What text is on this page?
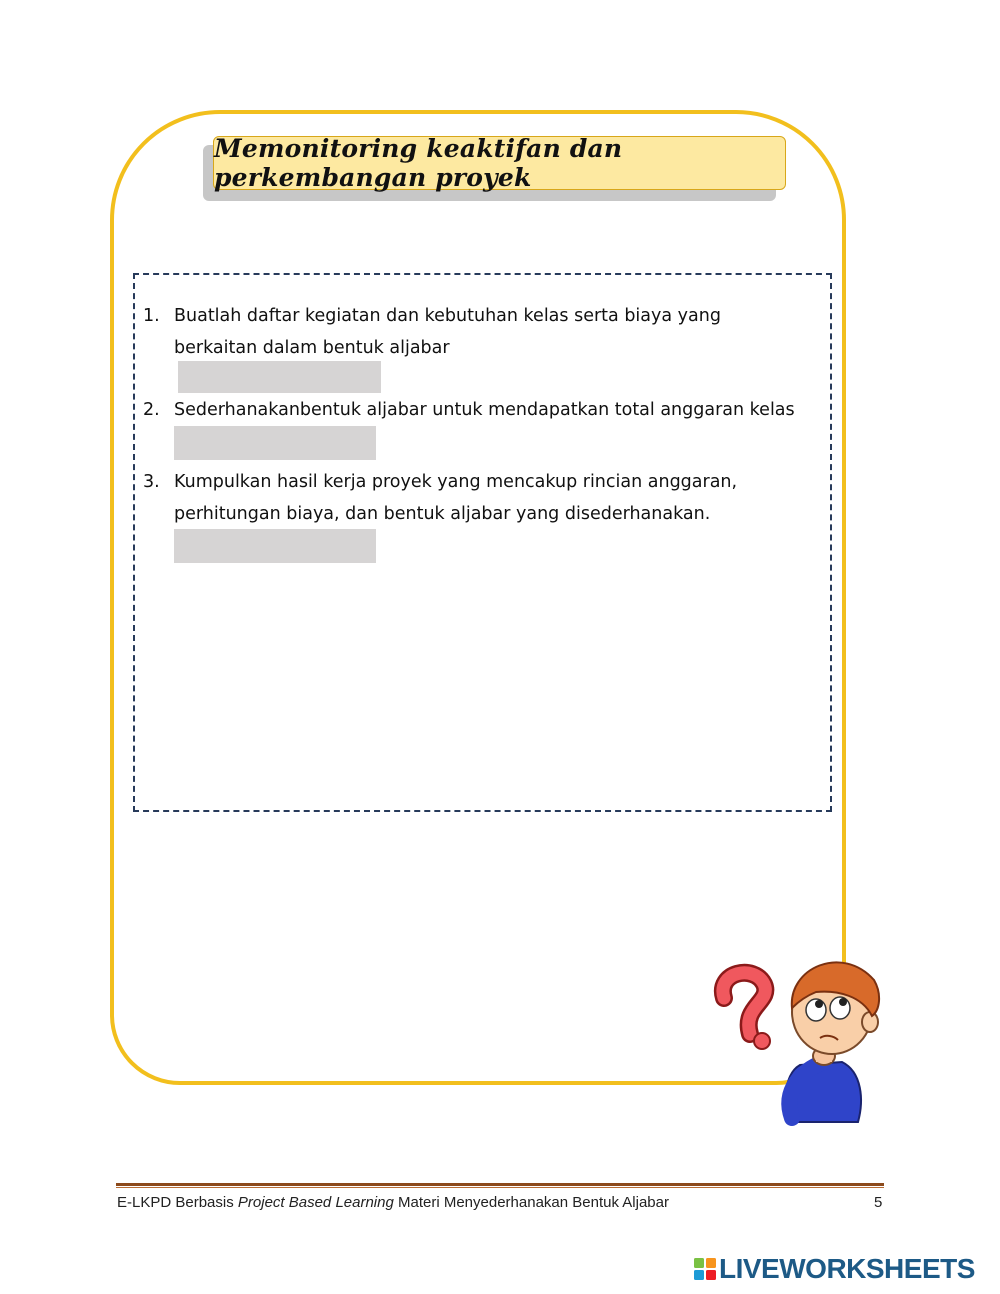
Memonitoring keaktifan dan perkembangan proyek
1. Buatlah daftar kegiatan dan kebutuhan kelas serta biaya yang
berkaitan dalam bentuk aljabar
2. Sederhanakanbentuk aljabar untuk mendapatkan total anggaran kelas
3. Kumpulkan hasil kerja proyek yang mencakup rincian anggaran,
perhitungan biaya, dan bentuk aljabar yang disederhanakan.
E-LKPD Berbasis Project Based Learning Materi Menyederhanakan Bentuk Aljabar	5
LIVEWORKSHEETS
